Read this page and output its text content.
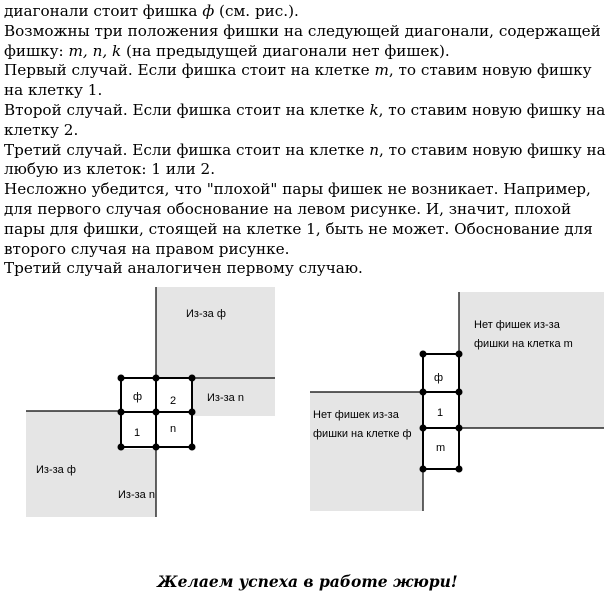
диагонали стоит фишка ф (см. рис.).

Возможны три положения фишки на следующей диагонали, содержащей фишку: m, n, k (на предыдущей диагонали нет фишек).

Первый случай. Если фишка стоит на клетке m, то ставим новую фишку на клетку 1.

Второй случай. Если фишка стоит на клетке k, то ставим новую фишку на клетку 2.

Третий случай. Если фишка стоит на клетке n, то ставим новую фишку на любую из клеток: 1 или 2.

Несложно убедится, что "плохой" пары фишек не возникает. Например, для первого случая обоснование на левом рисунке. И, значит, плохой пары для фишки, стоящей на клетке 1, быть не может. Обоснование для второго случая на правом рисунке.

Третий случай аналогичен первому случаю.

Из-за ф
Из-за n
Из-за ф
Из-за n
ф	2
1	n
Нет фишек из-за
фишки на клетка m
Нет фишек из-за
фишки на клетке ф
ф
1
m
Желаем успеха в работе жюри!
